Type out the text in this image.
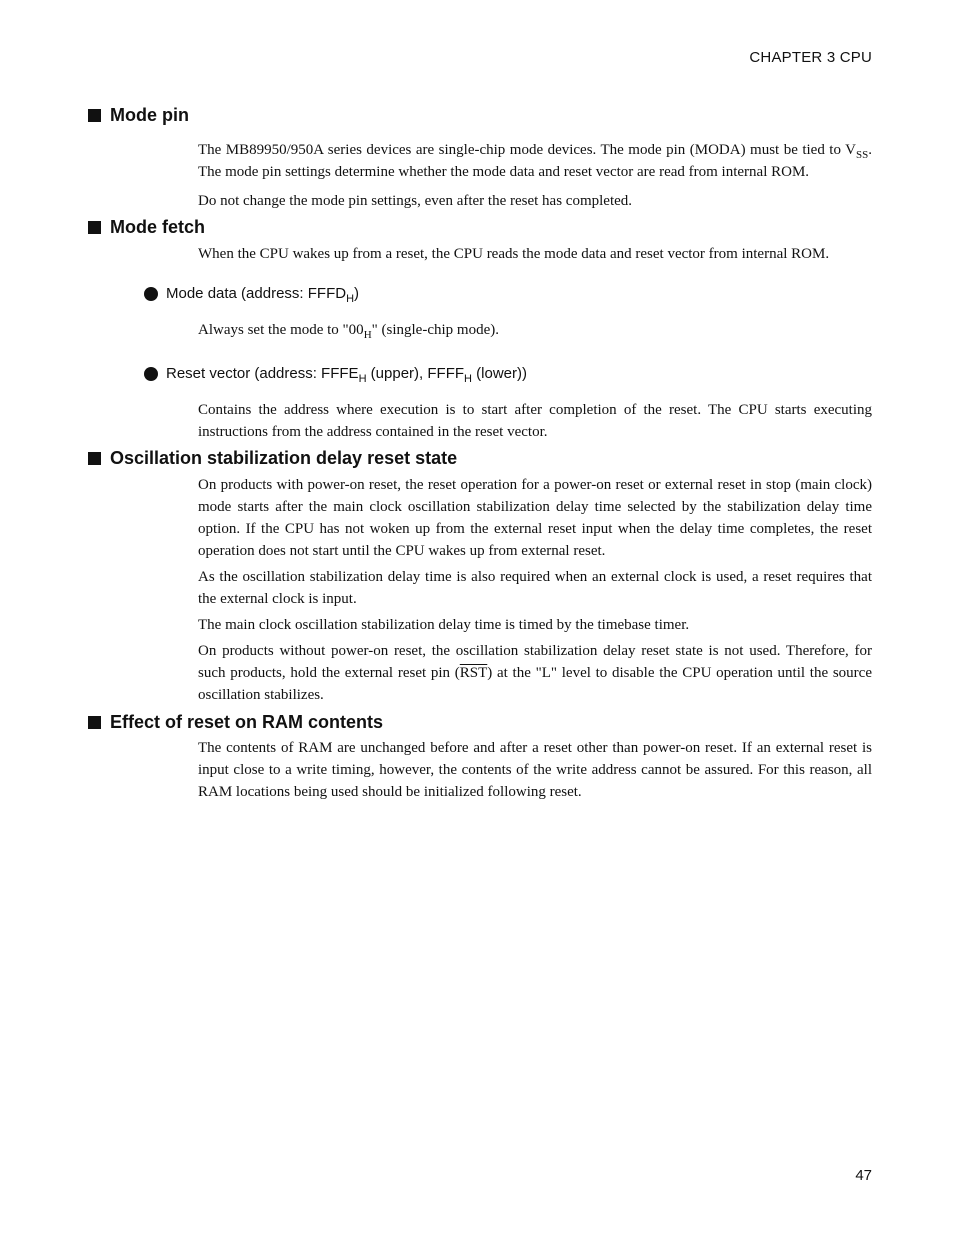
CHAPTER 3 CPU
Mode pin
The MB89950/950A series devices are single-chip mode devices. The mode pin (MODA) must be tied to $V_{SS}$. The mode pin settings determine whether the mode data and reset vector are read from internal ROM.
Do not change the mode pin settings, even after the reset has completed.
Mode fetch
When the CPU wakes up from a reset, the CPU reads the mode data and reset vector from internal ROM.
Mode data (address: $FFFD_H$)
Always set the mode to "$00_H$" (single-chip mode).
Reset vector (address: $FFFE_H$ (upper), $FFFF_H$ (lower))
Contains the address where execution is to start after completion of the reset. The CPU starts executing instructions from the address contained in the reset vector.
Oscillation stabilization delay reset state
On products with power-on reset, the reset operation for a power-on reset or external reset in stop (main clock) mode starts after the main clock oscillation stabilization delay time selected by the stabilization delay time option. If the CPU has not woken up from the external reset input when the delay time completes, the reset operation does not start until the CPU wakes up from external reset.
As the oscillation stabilization delay time is also required when an external clock is used, a reset requires that the external clock is input.
The main clock oscillation stabilization delay time is timed by the timebase timer.
On products without power-on reset, the oscillation stabilization delay reset state is not used. Therefore, for such products, hold the external reset pin $(\overline{RST})$ at the "L" level to disable the CPU operation until the source oscillation stabilizes.
Effect of reset on RAM contents
The contents of RAM are unchanged before and after a reset other than power-on reset. If an external reset is input close to a write timing, however, the contents of the write address cannot be assured. For this reason, all RAM locations being used should be initialized following reset.
47
